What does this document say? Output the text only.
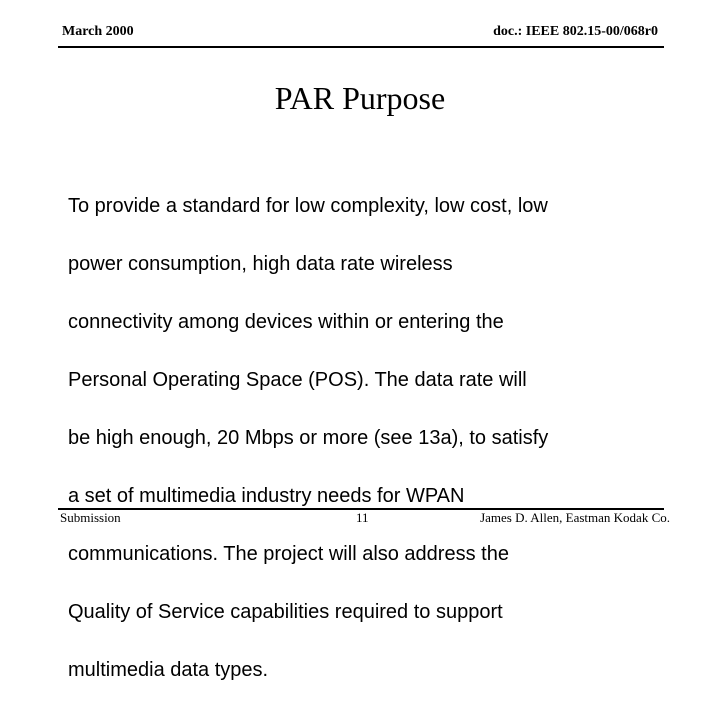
March 2000	doc.: IEEE 802.15-00/068r0
PAR Purpose

To provide a standard for low complexity, low cost, low

power consumption, high data rate wireless

connectivity among devices within or entering the

Personal Operating Space (POS). The data rate will

be high enough, 20 Mbps or more (see 13a), to satisfy

a set of multimedia industry needs for WPAN

communications. The project will also address the

Quality of Service capabilities required to support

multimedia data types.

Submission	11	James D. Allen, Eastman Kodak Co.
